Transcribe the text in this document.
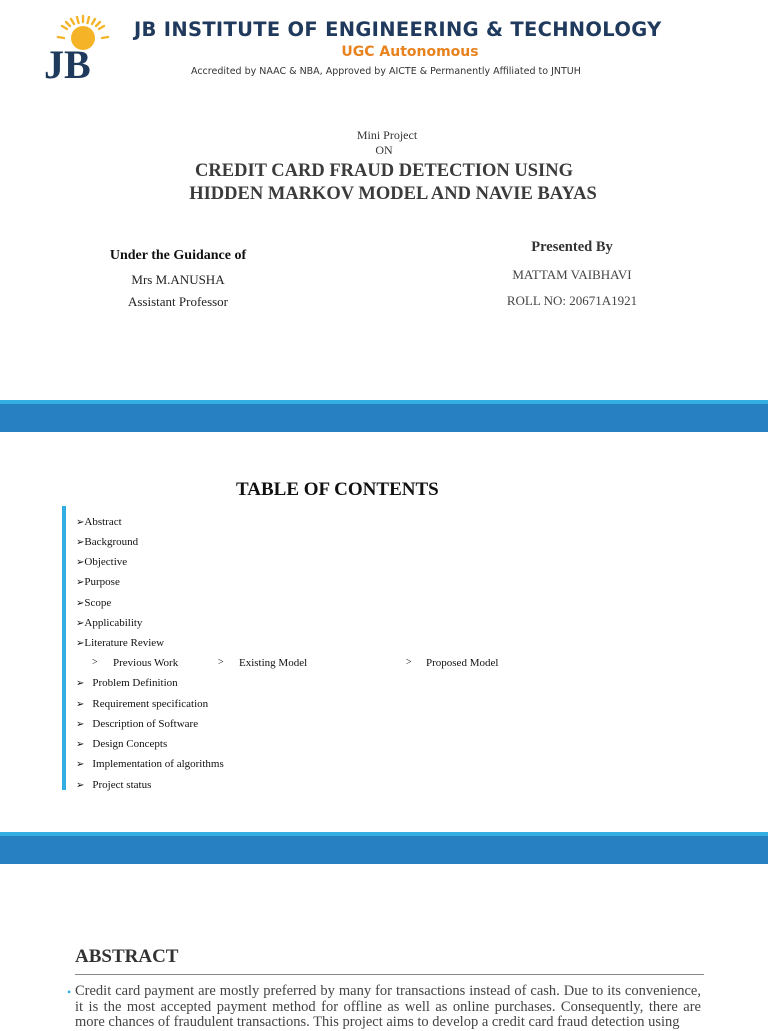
JB
JB INSTITUTE OF ENGINEERING & TECHNOLOGY
UGC Autonomous
Accredited by NAAC & NBA, Approved by AICTE & Permanently Affiliated to JNTUH
Mini Project
ON
CREDIT CARD FRAUD DETECTION USING
HIDDEN MARKOV MODEL AND NAVIE BAYAS
Under the Guidance of
Mrs M.ANUSHA
Assistant Professor
Presented By
MATTAM VAIBHAVI
ROLL NO: 20671A1921
TABLE OF CONTENTS
➢Abstract
➢Background
➢Objective
➢Purpose
➢Scope
➢Applicability
➢Literature Review
> Previous Work	> Existing Model	> Proposed Model
➢ Problem Definition
➢ Requirement specification
➢ Description of Software
➢ Design Concepts
➢ Implementation of algorithms
➢ Project status
ABSTRACT
• Credit card payment are mostly preferred by many for transactions instead of cash. Due to its convenience, it is the most accepted payment method for offline as well as online purchases. Consequently, there are more chances of fraudulent transactions. This project aims to develop a credit card fraud detection using
